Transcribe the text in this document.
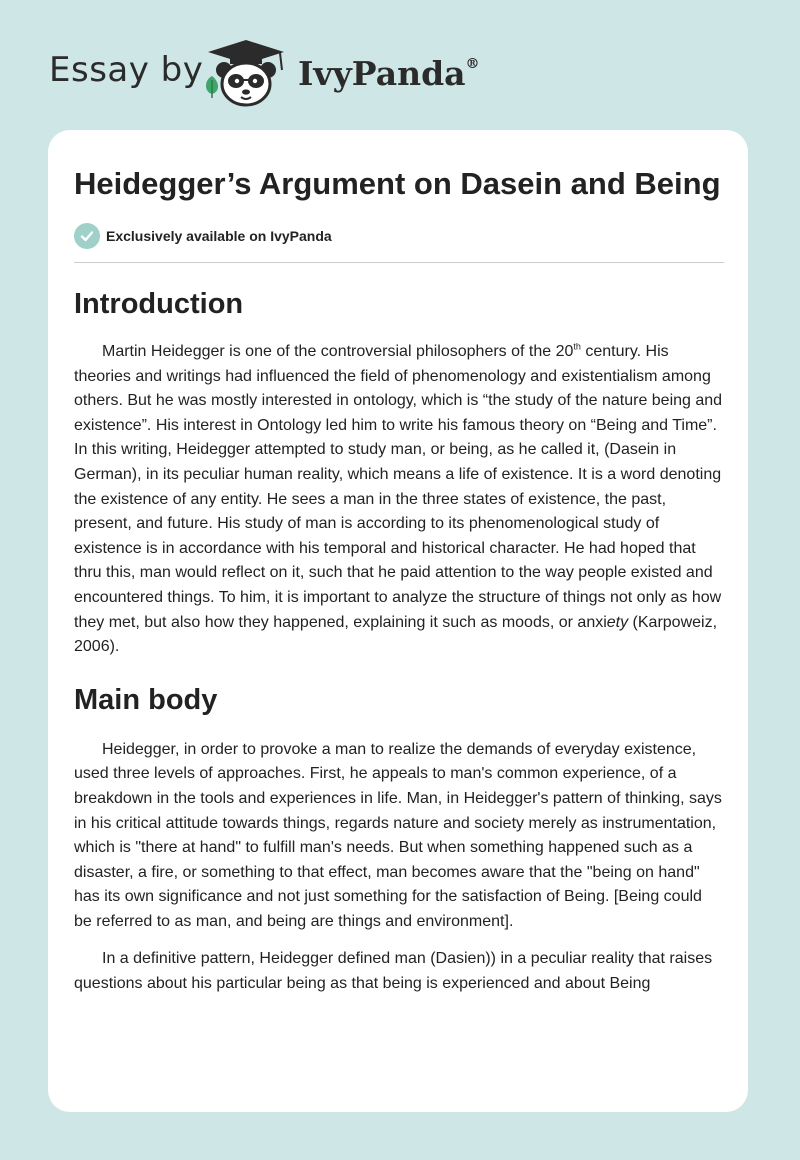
Essay by	IvyPanda®
Heidegger’s Argument on Dasein and Being
Exclusively available on IvyPanda
Introduction

Martin Heidegger is one of the controversial philosophers of the 20th century. His theories and writings had influenced the field of phenomenology and existentialism among others. But he was mostly interested in ontology, which is “the study of the nature being and existence”. His interest in Ontology led him to write his famous theory on “Being and Time”. In this writing, Heidegger attempted to study man, or being, as he called it, (Dasein in German), in its peculiar human reality, which means a life of existence. It is a word denoting the existence of any entity. He sees a man in the three states of existence, the past, present, and future. His study of man is according to its phenomenological study of existence is in accordance with his temporal and historical character. He had hoped that thru this, man would reflect on it, such that he paid attention to the way people existed and encountered things. To him, it is important to analyze the structure of things not only as how they met, but also how they happened, explaining it such as moods, or anxiety (Karpoweiz, 2006).

Main body

Heidegger, in order to provoke a man to realize the demands of everyday existence, used three levels of approaches. First, he appeals to man's common experience, of a breakdown in the tools and experiences in life. Man, in Heidegger's pattern of thinking, says in his critical attitude towards things, regards nature and society merely as instrumentation, which is "there at hand" to fulfill man's needs. But when something happened such as a disaster, a fire, or something to that effect, man becomes aware that the "being on hand" has its own significance and not just something for the satisfaction of Being. [Being could be referred to as man, and being are things and environment].

In a definitive pattern, Heidegger defined man (Dasien)) in a peculiar reality that raises questions about his particular being as that being is experienced and about Being
